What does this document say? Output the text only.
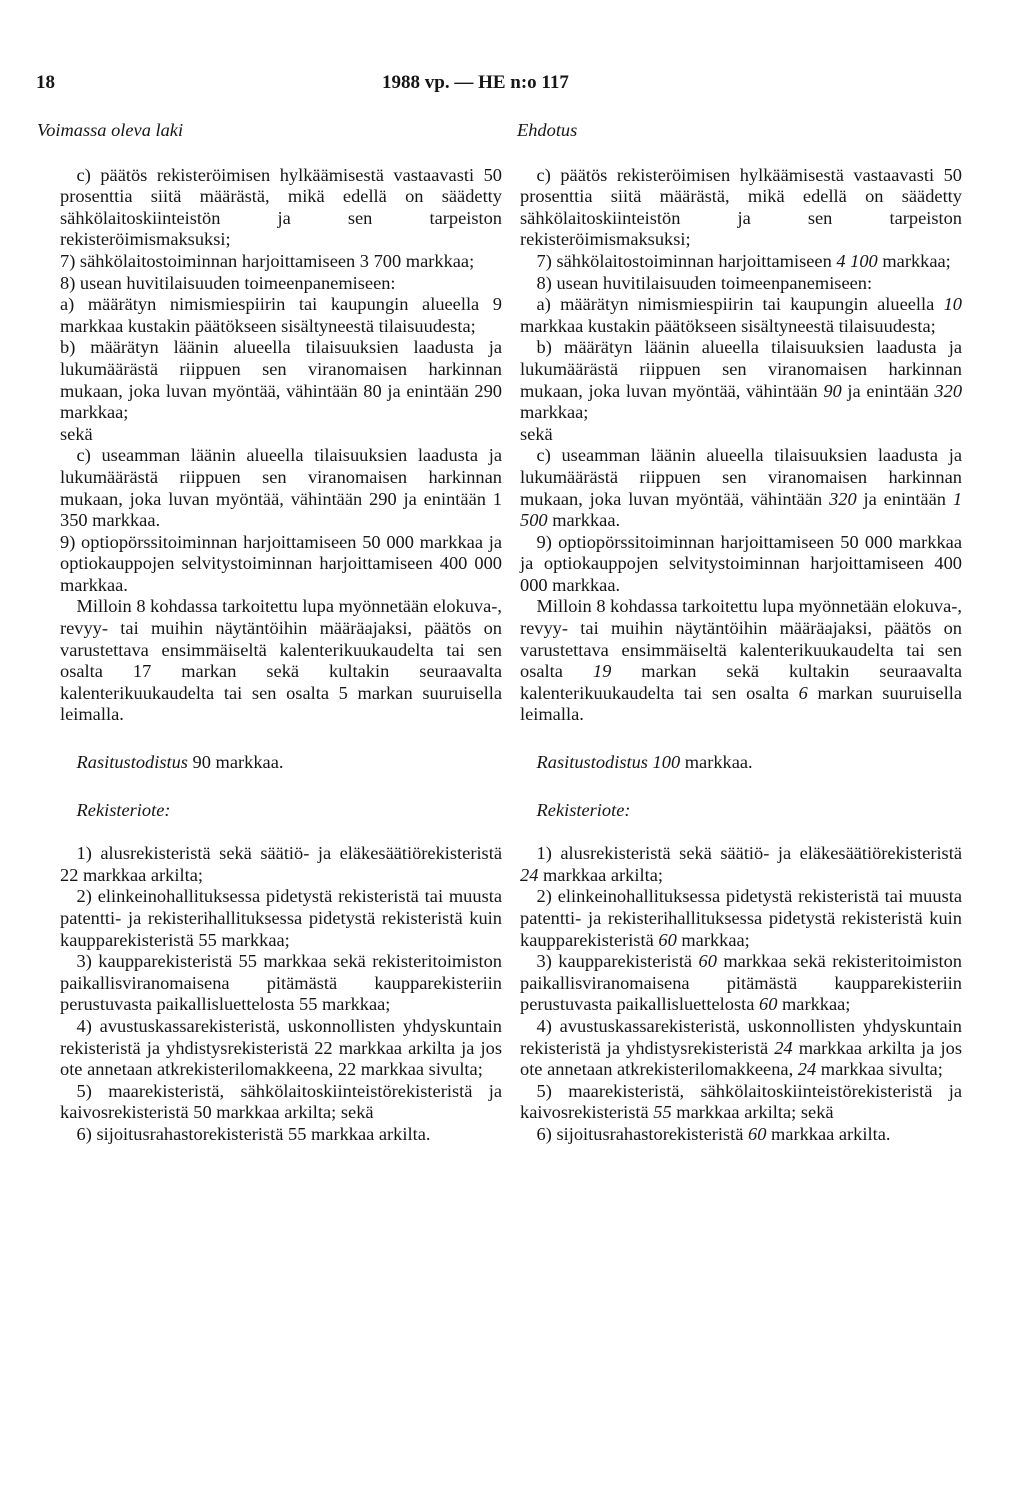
18	1988 vp. — HE n:o 117
Voimassa oleva laki

c) päätös rekisteröimisen hylkäämisestä vastaavasti 50 prosenttia siitä määrästä, mikä edellä on säädetty sähkölaitoskiinteistön ja sen tarpeiston rekisteröimismaksuksi;

7) sähkölaitostoiminnan harjoittamiseen 3 700 markkaa;

8) usean huvitilaisuuden toimeenpanemiseen:

a) määrätyn nimismiespiirin tai kaupungin alueella 9 markkaa kustakin päätökseen sisältyneestä tilaisuudesta;

b) määrätyn läänin alueella tilaisuuksien laadusta ja lukumäärästä riippuen sen viranomaisen harkinnan mukaan, joka luvan myöntää, vähintään 80 ja enintään 290 markkaa;

sekä

c) useamman läänin alueella tilaisuuksien laadusta ja lukumäärästä riippuen sen viranomaisen harkinnan mukaan, joka luvan myöntää, vähintään 290 ja enintään 1 350 markkaa.

9) optiopörssitoiminnan harjoittamiseen 50 000 markkaa ja optiokauppojen selvitystoiminnan harjoittamiseen 400 000 markkaa.

Milloin 8 kohdassa tarkoitettu lupa myönnetään elokuva-, revyy- tai muihin näytäntöihin määräajaksi, päätös on varustettava ensimmäiseltä kalenterikuukaudelta tai sen osalta 17 markan sekä kultakin seuraavalta kalenterikuukaudelta tai sen osalta 5 markan suuruisella leimalla.

Rasitustodistus 90 markkaa.

Rekisteriote:

1) alusrekisteristä sekä säätiö- ja eläkesäätiörekisteristä 22 markkaa arkilta;

2) elinkeinohallituksessa pidetystä rekisteristä tai muusta patentti- ja rekisterihallituksessa pidetystä rekisteristä kuin kaupparekisteristä 55 markkaa;

3) kaupparekisteristä 55 markkaa sekä rekisteritoimiston paikallisviranomaisena pitämästä kaupparekisteriin perustuvasta paikallisluettelosta 55 markkaa;

4) avustuskassarekisteristä, uskonnollisten yhdyskuntain rekisteristä ja yhdistysrekisteristä 22 markkaa arkilta ja jos ote annetaan atkrekisterilomakkeena, 22 markkaa sivulta;

5) maarekisteristä, sähkölaitoskiinteistörekisteristä ja kaivosrekisteristä 50 markkaa arkilta; sekä

6) sijoitusrahastorekisteristä 55 markkaa arkilta.

Ehdotus

c) päätös rekisteröimisen hylkäämisestä vastaavasti 50 prosenttia siitä määrästä, mikä edellä on säädetty sähkölaitoskiinteistön ja sen tarpeiston rekisteröimismaksuksi;

7) sähkölaitostoiminnan harjoittamiseen 4 100 markkaa;

8) usean huvitilaisuuden toimeenpanemiseen:

a) määrätyn nimismiespiirin tai kaupungin alueella 10 markkaa kustakin päätökseen sisältyneestä tilaisuudesta;

b) määrätyn läänin alueella tilaisuuksien laadusta ja lukumäärästä riippuen sen viranomaisen harkinnan mukaan, joka luvan myöntää, vähintään 90 ja enintään 320 markkaa;

sekä

c) useamman läänin alueella tilaisuuksien laadusta ja lukumäärästä riippuen sen viranomaisen harkinnan mukaan, joka luvan myöntää, vähintään 320 ja enintään 1 500 markkaa.

9) optiopörssitoiminnan harjoittamiseen 50 000 markkaa ja optiokauppojen selvitystoiminnan harjoittamiseen 400 000 markkaa.

Milloin 8 kohdassa tarkoitettu lupa myönnetään elokuva-, revyy- tai muihin näytäntöihin määräajaksi, päätös on varustettava ensimmäiseltä kalenterikuukaudelta tai sen osalta 19 markan sekä kultakin seuraavalta kalenterikuukaudelta tai sen osalta 6 markan suuruisella leimalla.

Rasitustodistus 100 markkaa.

Rekisteriote:

1) alusrekisteristä sekä säätiö- ja eläkesäätiörekisteristä 24 markkaa arkilta;

2) elinkeinohallituksessa pidetystä rekisteristä tai muusta patentti- ja rekisterihallituksessa pidetystä rekisteristä kuin kaupparekisteristä 60 markkaa;

3) kaupparekisteristä 60 markkaa sekä rekisteritoimiston paikallisviranomaisena pitämästä kaupparekisteriin perustuvasta paikallisluettelosta 60 markkaa;

4) avustuskassarekisteristä, uskonnollisten yhdyskuntain rekisteristä ja yhdistysrekisteristä 24 markkaa arkilta ja jos ote annetaan atkrekisterilomakkeena, 24 markkaa sivulta;

5) maarekisteristä, sähkölaitoskiinteistörekisteristä ja kaivosrekisteristä 55 markkaa arkilta; sekä

6) sijoitusrahastorekisteristä 60 markkaa arkilta.
